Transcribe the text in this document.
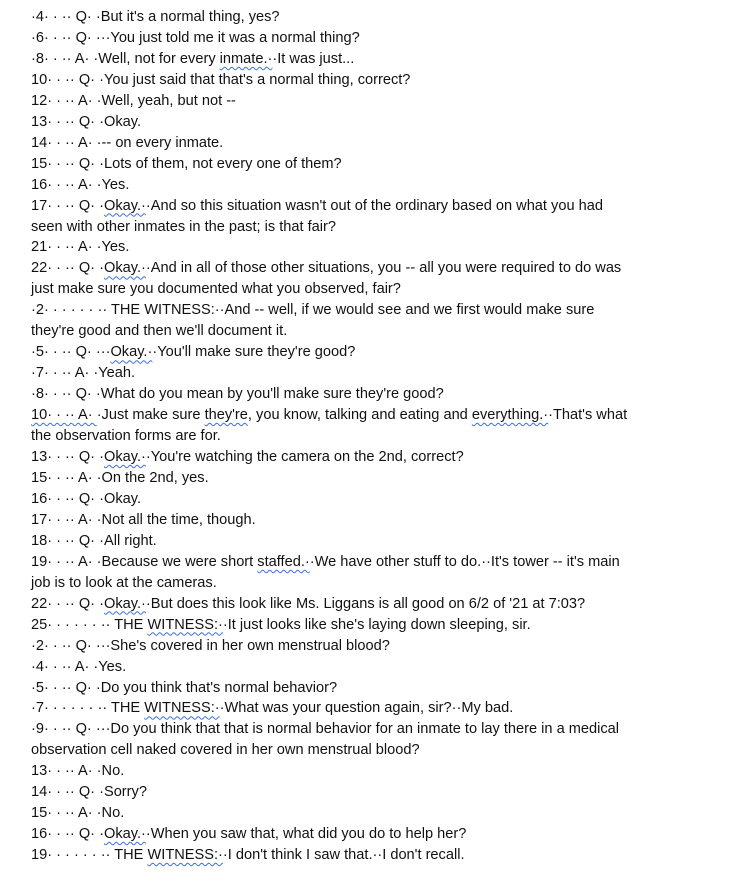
·4· · ·· Q· ·But it's a normal thing, yes?
·6· · ·· Q· ···You just told me it was a normal thing?
·8· · ·· A· ·Well, not for every inmate.··It was just...
10· · ·· Q· ·You just said that that's a normal thing, correct?
12· · ·· A· ·Well, yeah, but not --
13· · ·· Q· ·Okay.
14· · ·· A· ·-- on every inmate.
15· · ·· Q· ·Lots of them, not every one of them?
16· · ·· A· ·Yes.
17· · ·· Q· ·Okay.··And so this situation wasn't out of the ordinary based on what you had
seen with other inmates in the past; is that fair?
21· · ·· A· ·Yes.
22· · ·· Q· ·Okay.··And in all of those other situations, you -- all you were required to do was
just make sure you documented what you observed, fair?
·2· · · · · · ·· THE WITNESS:··And -- well, if we would see and we first would make sure
they're good and then we'll document it.
·5· · ·· Q· ···Okay.··You'll make sure they're good?
·7· · ·· A· ·Yeah.
·8· · ·· Q· ·What do you mean by you'll make sure they're good?
10· · ·· A· ·Just make sure they're, you know, talking and eating and everything.··That's what
the observation forms are for.
13· · ·· Q· ·Okay.··You're watching the camera on the 2nd, correct?
15· · ·· A· ·On the 2nd, yes.
16· · ·· Q· ·Okay.
17· · ·· A· ·Not all the time, though.
18· · ·· Q· ·All right.
19· · ·· A· ·Because we were short staffed.··We have other stuff to do.··It's tower -- it's main
job is to look at the cameras.
22· · ·· Q· ·Okay.··But does this look like Ms. Liggans is all good on 6/2 of '21 at 7:03?
25· · · · · · ·· THE WITNESS:··It just looks like she's laying down sleeping, sir.
·2· · ·· Q· ···She's covered in her own menstrual blood?
·4· · ·· A· ·Yes.
·5· · ·· Q· ·Do you think that's normal behavior?
·7· · · · · · ·· THE WITNESS:··What was your question again, sir?··My bad.
·9· · ·· Q· ···Do you think that that is normal behavior for an inmate to lay there in a medical
observation cell naked covered in her own menstrual blood?
13· · ·· A· ·No.
14· · ·· Q· ·Sorry?
15· · ·· A· ·No.
16· · ·· Q· ·Okay.··When you saw that, what did you do to help her?
19· · · · · · ·· THE WITNESS:··I don't think I saw that.··I don't recall.
